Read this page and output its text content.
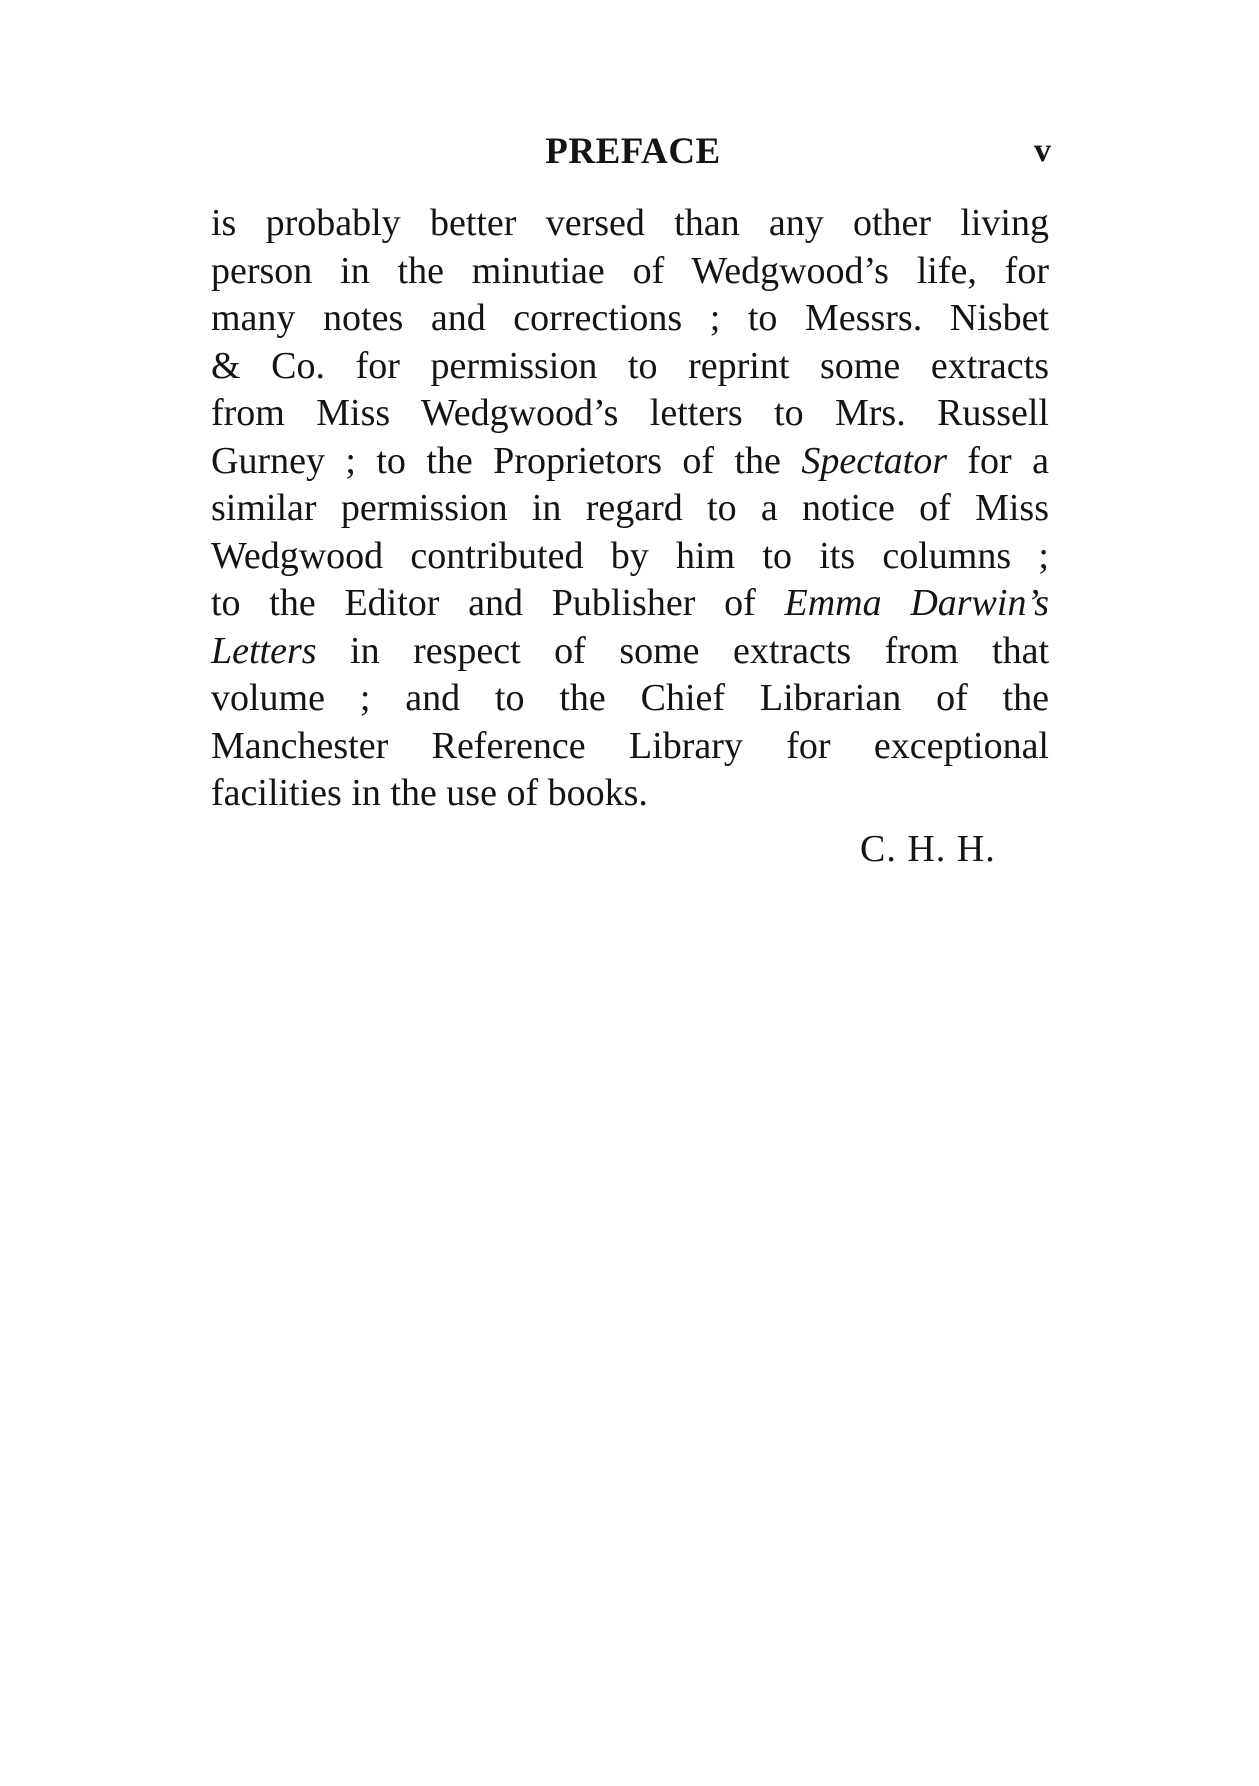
PREFACE	v
is probably better versed than any other living
person in the minutiae of Wedgwood’s life, for
many notes and corrections ; to Messrs. Nisbet
& Co. for permission to reprint some extracts
from Miss Wedgwood’s letters to Mrs. Russell
Gurney ; to the Proprietors of the Spectator for a
similar permission in regard to a notice of Miss
Wedgwood contributed by him to its columns ;
to the Editor and Publisher of Emma Darwin’s
Letters in respect of some extracts from that
volume ; and to the Chief Librarian of the
Manchester Reference Library for exceptional
facilities in the use of books.
C. H. H.
